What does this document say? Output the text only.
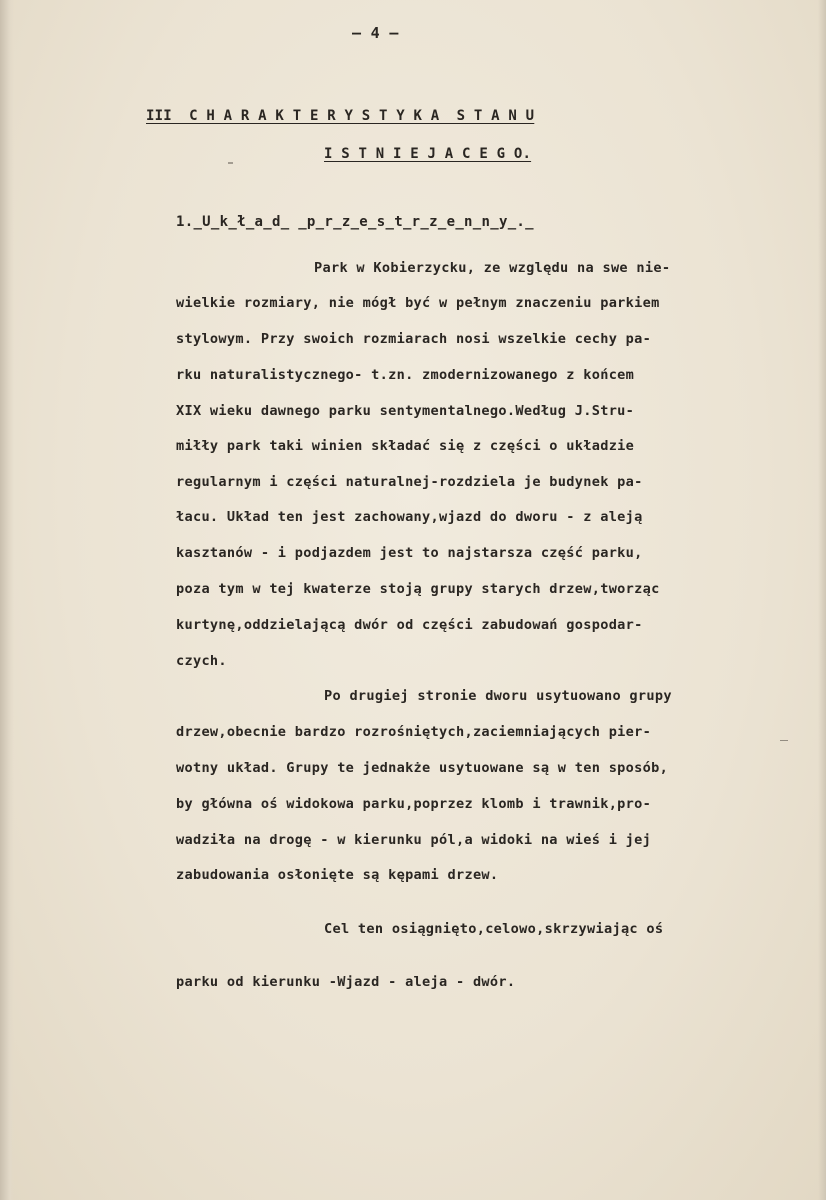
— 4 —

III  C H A R A K T E R Y S T Y K A  S T A N U

I S T N I E J A C E G O.

1._U_k_ł_a_d_ _p_r_z_e_s_t_r_z_e_n_n_y_._

Park w Kobierzycku, ze względu na swe nie-

wielkie rozmiary, nie mógł być w pełnym znaczeniu parkiem

stylowym. Przy swoich rozmiarach nosi wszelkie cechy pa-

rku naturalistycznego- t.zn. zmodernizowanego z końcem

XIX wieku dawnego parku sentymentalnego.Według J.Stru-

miłły park taki winien składać się z części o układzie

regularnym i części naturalnej-rozdziela je budynek pa-

łacu. Układ ten jest zachowany,wjazd do dworu - z aleją

kasztanów - i podjazdem jest to najstarsza część parku,

poza tym w tej kwaterze stoją grupy starych drzew,tworząc

kurtynę,oddzielającą dwór od części zabudowań gospodar-

czych.

Po drugiej stronie dworu usytuowano grupy

drzew,obecnie bardzo rozrośniętych,zaciemniających pier-

wotny układ. Grupy te jednakże usytuowane są w ten sposób,

by główna oś widokowa parku,poprzez klomb i trawnik,pro-

wadziła na drogę - w kierunku pól,a widoki na wieś i jej

zabudowania osłonięte są kępami drzew.

Cel ten osiągnięto,celowo,skrzywiając oś

parku od kierunku -Wjazd - aleja - dwór.
